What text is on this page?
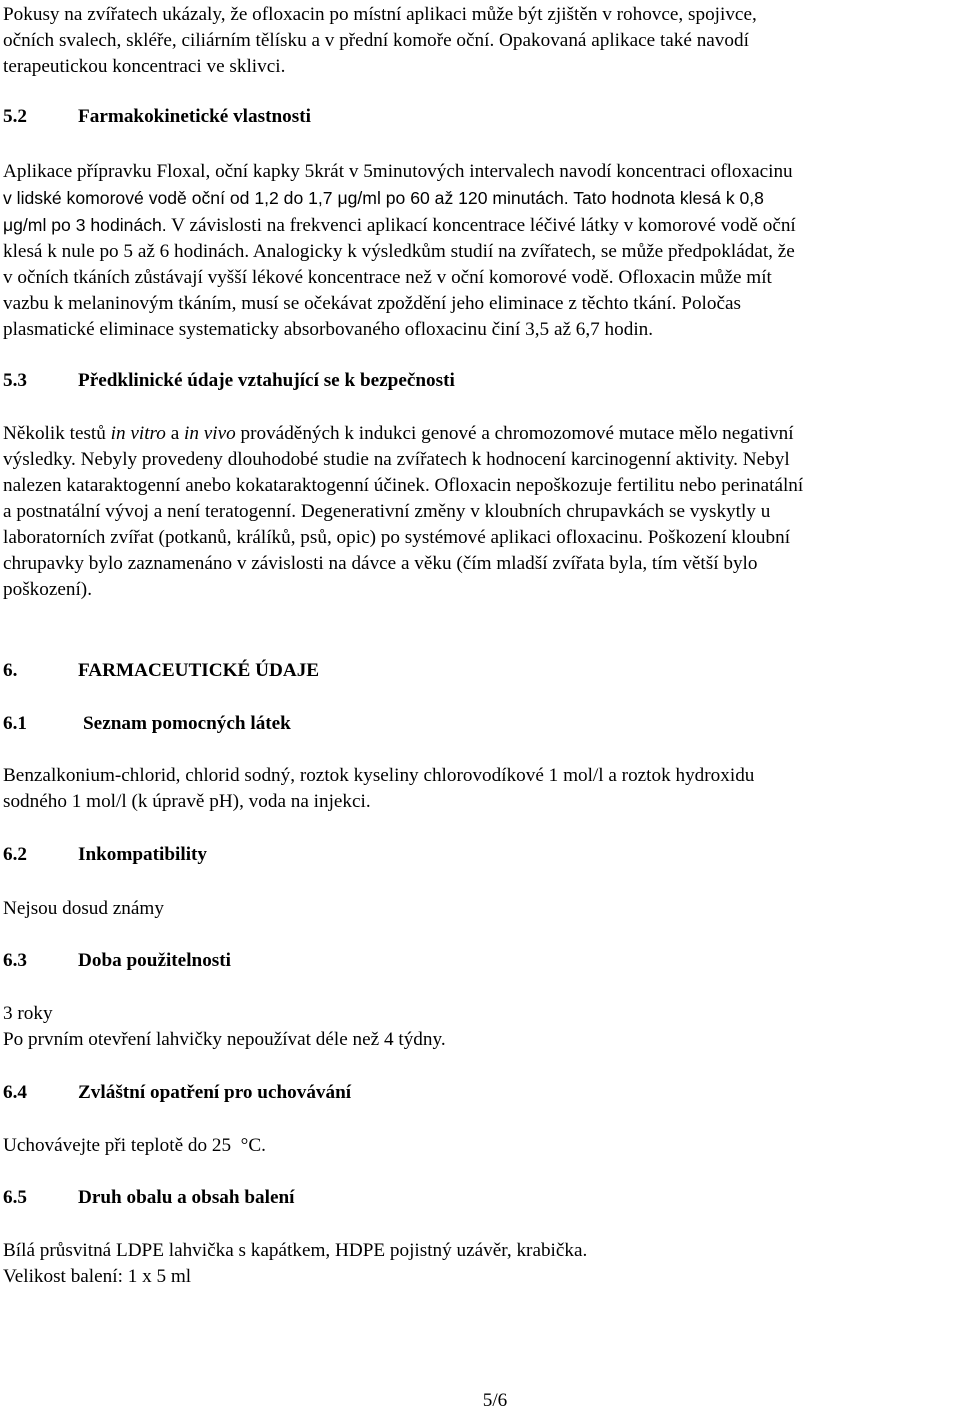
Pokusy na zvířatech ukázaly, že ofloxacin po místní aplikaci může být zjištěn v rohovce, spojivce,
očních svalech, skléře, ciliárním tělísku a v přední komoře oční. Opakovaná aplikace také navodí
terapeutickou koncentraci ve sklivci.
5.2	Farmakokinetické vlastnosti
Aplikace přípravku Floxal, oční kapky 5krát v 5minutových intervalech navodí koncentraci ofloxacinu
v lidské komorové vodě oční od 1,2 do 1,7 μg/ml po 60 až 120 minutách. Tato hodnota klesá k 0,8
μg/ml po 3 hodinách. V závislosti na frekvenci aplikací koncentrace léčivé látky v komorové vodě oční
klesá k nule po 5 až 6 hodinách. Analogicky k výsledkům studií na zvířatech, se může předpokládat, že
v očních tkáních zůstávají vyšší lékové koncentrace než v oční komorové vodě. Ofloxacin může mít
vazbu k melaninovým tkáním, musí se očekávat zpoždění jeho eliminace z těchto tkání. Poločas
plasmatické eliminace systematicky absorbovaného ofloxacinu činí 3,5 až 6,7 hodin.
5.3	Předklinické údaje vztahující se k bezpečnosti
Několik testů in vitro a in vivo prováděných k indukci genové a chromozomové mutace mělo negativní
výsledky. Nebyly provedeny dlouhodobé studie na zvířatech k hodnocení karcinogenní aktivity. Nebyl
nalezen kataraktogenní anebo kokataraktogenní účinek. Ofloxacin nepoškozuje fertilitu nebo perinatální
a postnatální vývoj a není teratogenní. Degenerativní změny v kloubních chrupavkách se vyskytly u
laboratorních zvířat (potkanů, králíků, psů, opic) po systémové aplikaci ofloxacinu. Poškození kloubní
chrupavky bylo zaznamenáno v závislosti na dávce a věku (čím mladší zvířata byla, tím větší bylo
poškození).
6.	FARMACEUTICKÉ ÚDAJE
6.1	Seznam pomocných látek
Benzalkonium-chlorid, chlorid sodný, roztok kyseliny chlorovodíkové 1 mol/l a roztok hydroxidu
sodného 1 mol/l (k úpravě pH), voda na injekci.
6.2	Inkompatibility
Nejsou dosud známy
6.3	Doba použitelnosti
3 roky
Po prvním otevření lahvičky nepoužívat déle než 4 týdny.
6.4	Zvláštní opatření pro uchovávání
Uchovávejte při teplotě do 25  °C.
6.5	Druh obalu a obsah balení
Bílá průsvitná LDPE lahvička s kapátkem, HDPE pojistný uzávěr, krabička.
Velikost balení: 1 x 5 ml
5/6
